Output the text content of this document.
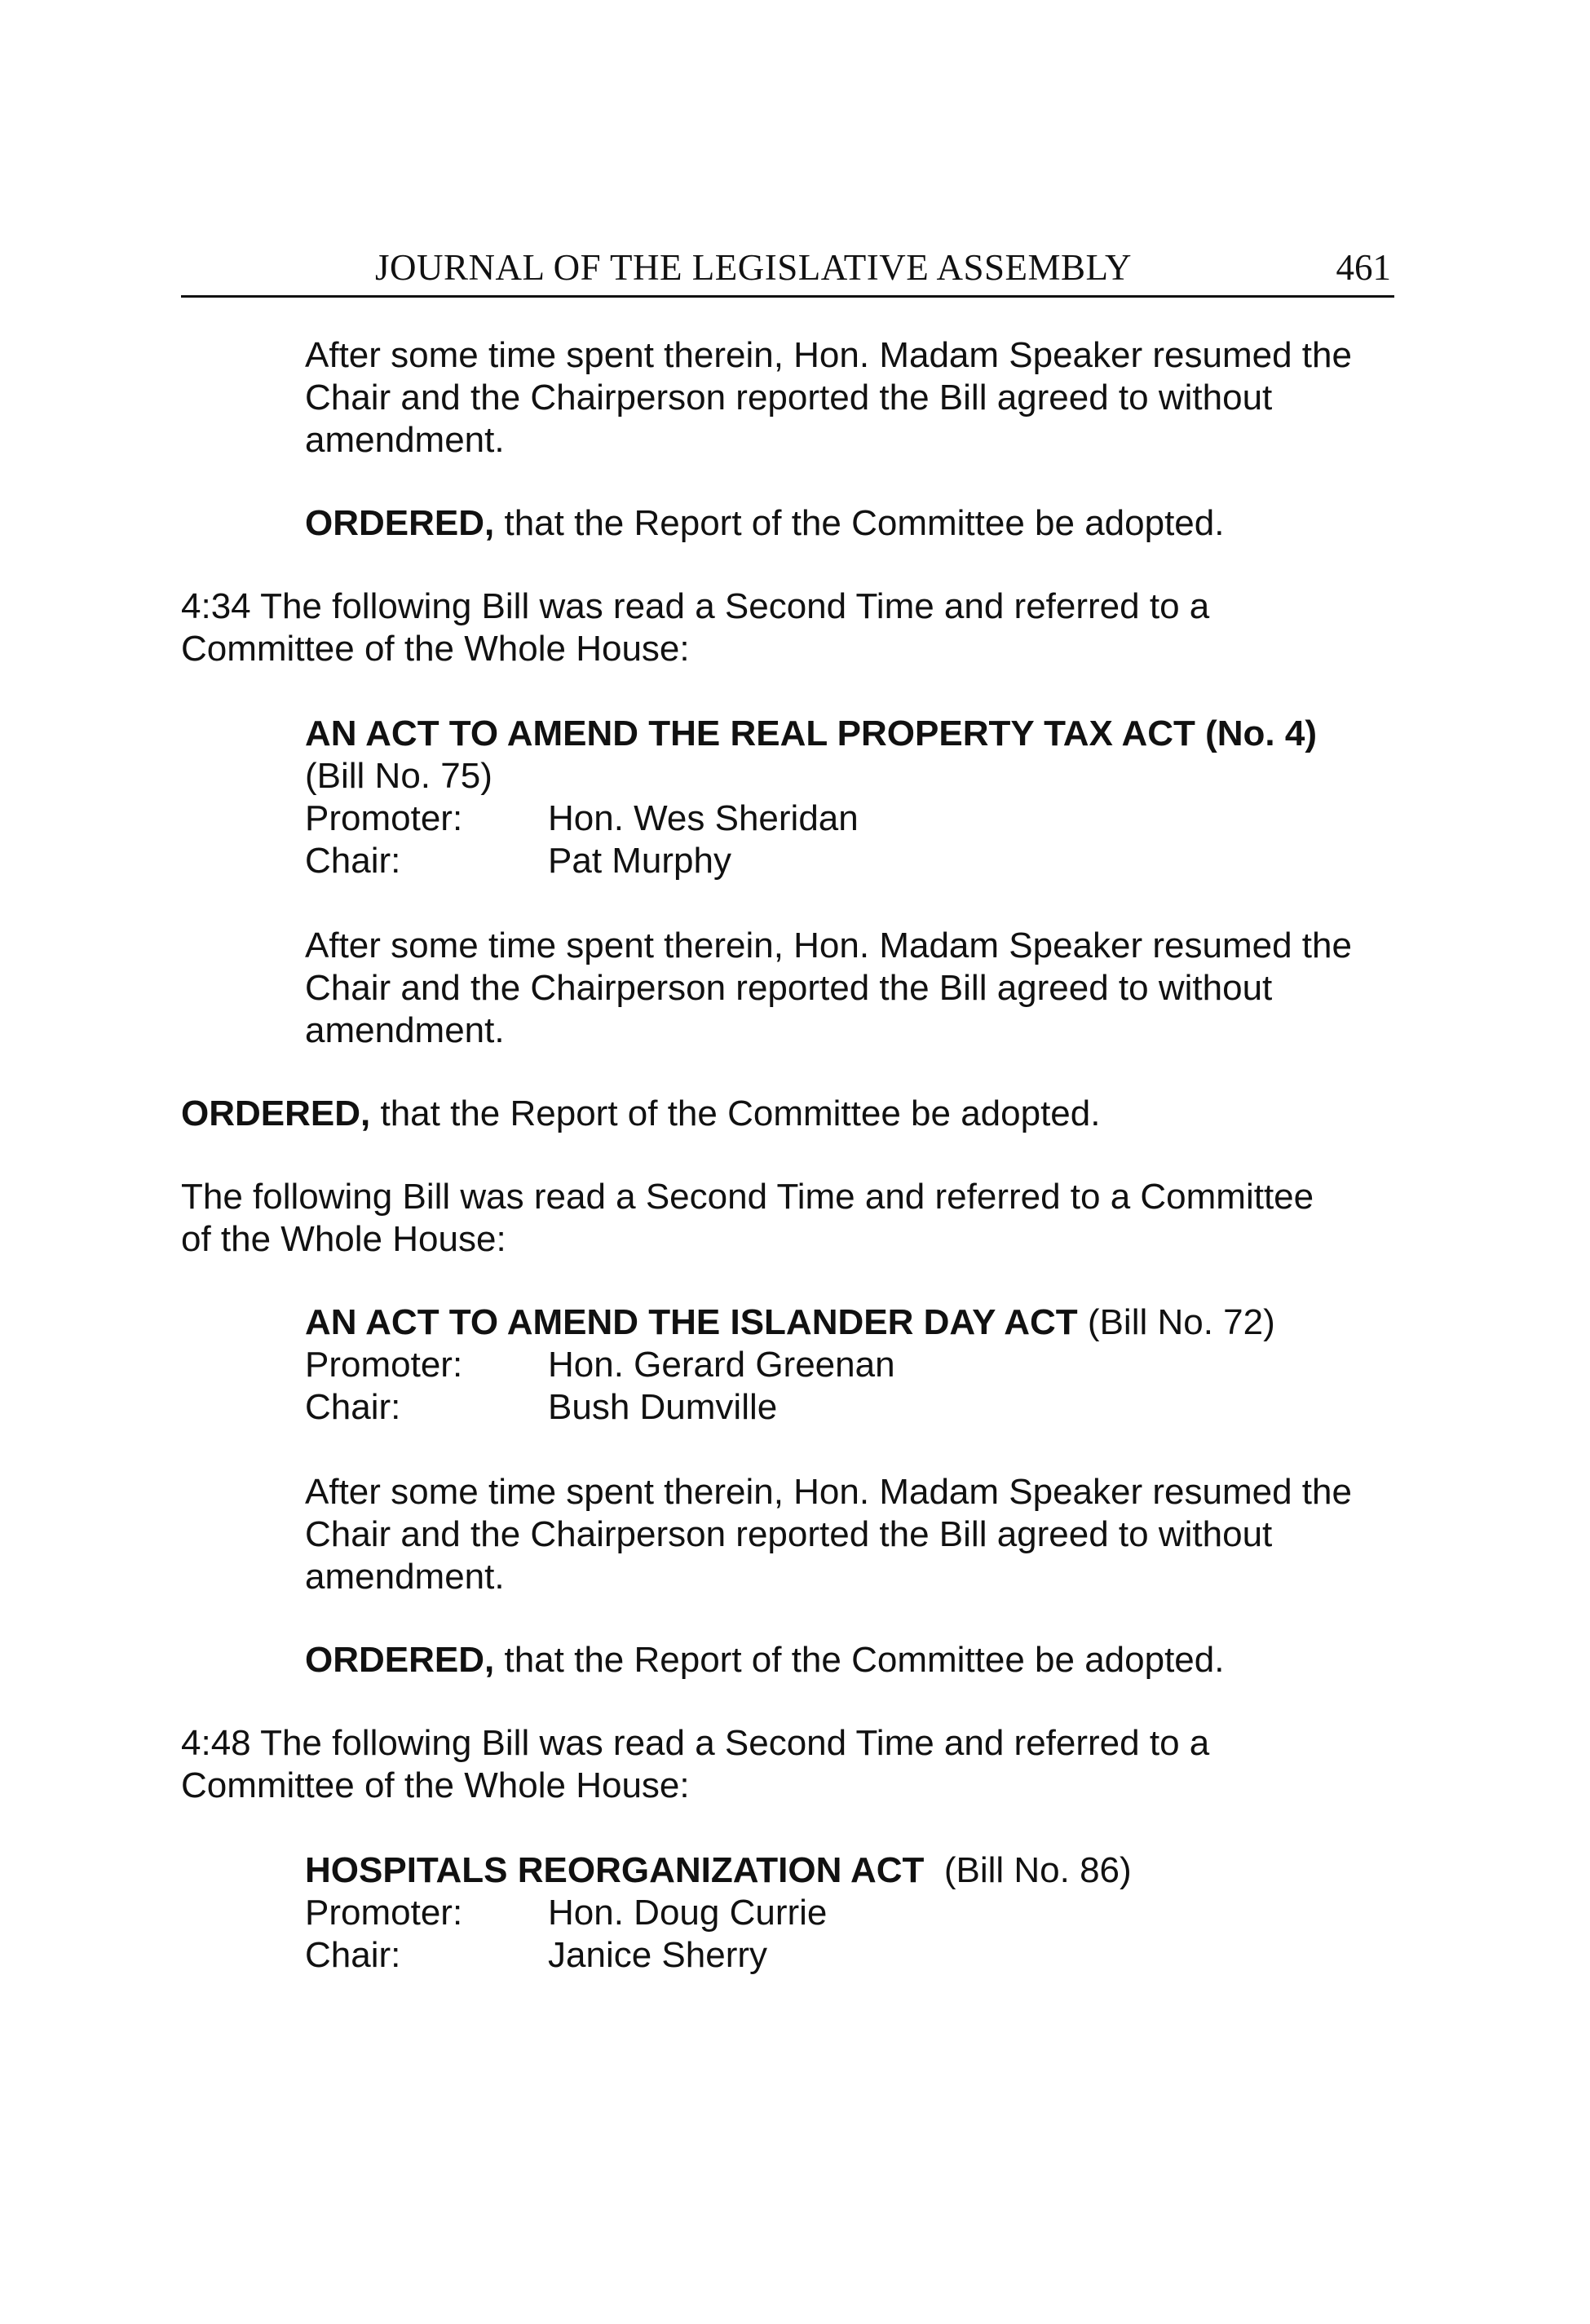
JOURNAL OF THE LEGISLATIVE ASSEMBLY	461

After some time spent therein, Hon. Madam Speaker resumed the

Chair and the Chairperson reported the Bill agreed to without

amendment.

ORDERED, that the Report of the Committee be adopted.

4:34 The following Bill was read a Second Time and referred to a

Committee of the Whole House:

AN ACT TO AMEND THE REAL PROPERTY TAX ACT (No. 4)

(Bill No. 75)

Promoter: Hon. Wes Sheridan
Chair:	Pat Murphy

After some time spent therein, Hon. Madam Speaker resumed the

Chair and the Chairperson reported the Bill agreed to without

amendment.

ORDERED, that the Report of the Committee be adopted.

The following Bill was read a Second Time and referred to a Committee

of the Whole House:

AN ACT TO AMEND THE ISLANDER DAY ACT (Bill No. 72)

Promoter: Hon. Gerard Greenan
Chair:	Bush Dumville

After some time spent therein, Hon. Madam Speaker resumed the

Chair and the Chairperson reported the Bill agreed to without

amendment.

ORDERED, that the Report of the Committee be adopted.

4:48 The following Bill was read a Second Time and referred to a

Committee of the Whole House:

HOSPITALS REORGANIZATION ACT  (Bill No. 86)

Promoter: Hon. Doug Currie
Chair:	Janice Sherry
